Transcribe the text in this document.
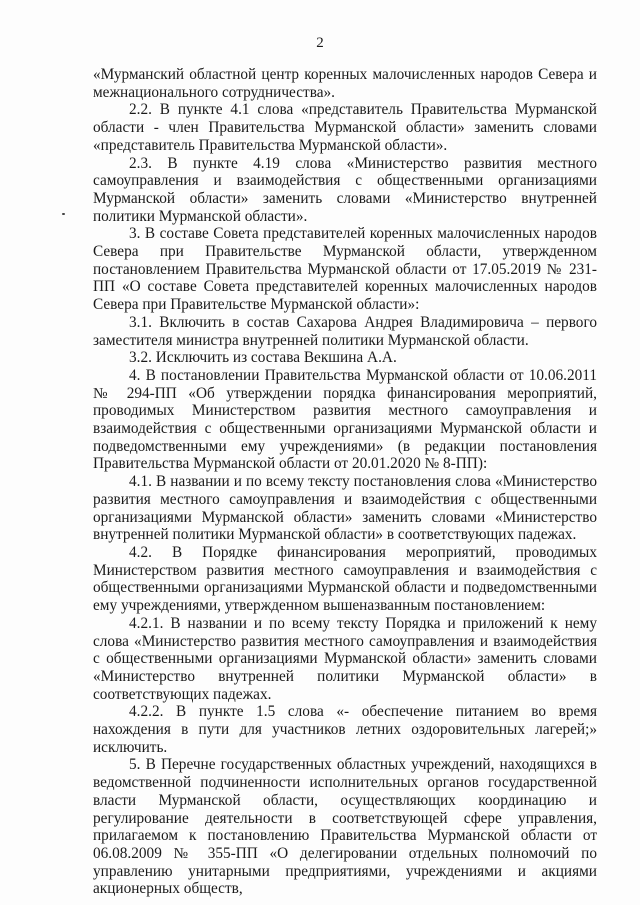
2

«Мурманский областной центр коренных малочисленных народов Севера и межнационального сотрудничества».

2.2. В пункте 4.1 слова «представитель Правительства Мурманской области - член Правительства Мурманской области» заменить словами «представитель Правительства Мурманской области».

2.3. В пункте 4.19 слова «Министерство развития местного самоуправления и взаимодействия с общественными организациями Мурманской области» заменить словами «Министерство внутренней политики Мурманской области».

3. В составе Совета представителей коренных малочисленных народов Севера при Правительстве Мурманской области, утвержденном постановлением Правительства Мурманской области от 17.05.2019 № 231-ПП «О составе Совета представителей коренных малочисленных народов Севера при Правительстве Мурманской области»:

3.1. Включить в состав Сахарова Андрея Владимировича – первого заместителя министра внутренней политики Мурманской области.

3.2. Исключить из состава Векшина А.А.

4. В постановлении Правительства Мурманской области от 10.06.2011 № 294-ПП «Об утверждении порядка финансирования мероприятий, проводимых Министерством развития местного самоуправления и взаимодействия с общественными организациями Мурманской области и подведомственными ему учреждениями» (в редакции постановления Правительства Мурманской области от 20.01.2020 № 8-ПП):

4.1. В названии и по всему тексту постановления слова «Министерство развития местного самоуправления и взаимодействия с общественными организациями Мурманской области» заменить словами «Министерство внутренней политики Мурманской области» в соответствующих падежах.

4.2. В Порядке финансирования мероприятий, проводимых Министерством развития местного самоуправления и взаимодействия с общественными организациями Мурманской области и подведомственными ему учреждениями, утвержденном вышеназванным постановлением:

4.2.1. В названии и по всему тексту Порядка и приложений к нему слова «Министерство развития местного самоуправления и взаимодействия с общественными организациями Мурманской области» заменить словами «Министерство внутренней политики Мурманской области» в соответствующих падежах.

4.2.2. В пункте 1.5 слова «- обеспечение питанием во время нахождения в пути для участников летних оздоровительных лагерей;» исключить.

5. В Перечне государственных областных учреждений, находящихся в ведомственной подчиненности исполнительных органов государственной власти Мурманской области, осуществляющих координацию и регулирование деятельности в соответствующей сфере управления, прилагаемом к постановлению Правительства Мурманской области от 06.08.2009 № 355-ПП «О делегировании отдельных полномочий по управлению унитарными предприятиями, учреждениями и акциями акционерных обществ,
